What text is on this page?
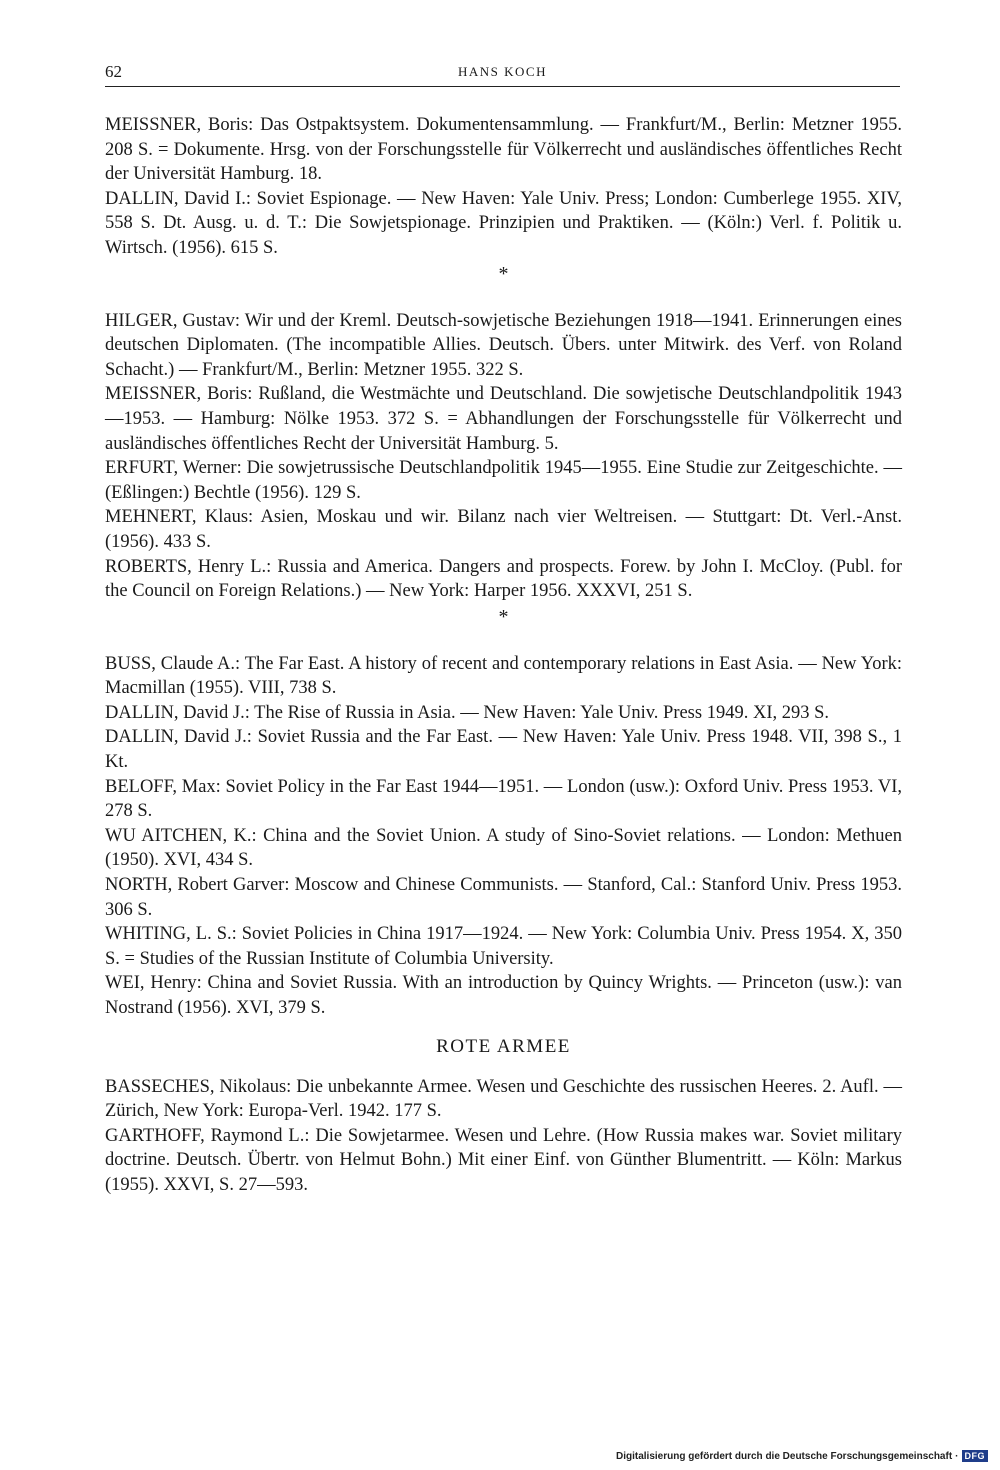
62	HANS KOCH

MEISSNER, Boris: Das Ostpaktsystem. Dokumentensammlung. — Frankfurt/M., Berlin: Metzner 1955. 208 S. = Dokumente. Hrsg. von der Forschungsstelle für Völkerrecht und ausländisches öffentliches Recht der Universität Hamburg. 18.

DALLIN, David I.: Soviet Espionage. — New Haven: Yale Univ. Press; London: Cumberlege 1955. XIV, 558 S. Dt. Ausg. u. d. T.: Die Sowjetspionage. Prinzipien und Praktiken. — (Köln:) Verl. f. Politik u. Wirtsch. (1956). 615 S.

*

HILGER, Gustav: Wir und der Kreml. Deutsch-sowjetische Beziehungen 1918—1941. Erinnerungen eines deutschen Diplomaten. (The incompatible Allies. Deutsch. Übers. unter Mitwirk. des Verf. von Roland Schacht.) — Frankfurt/M., Berlin: Metzner 1955. 322 S.

MEISSNER, Boris: Rußland, die Westmächte und Deutschland. Die sowjetische Deutschlandpolitik 1943—1953. — Hamburg: Nölke 1953. 372 S. = Abhandlungen der Forschungsstelle für Völkerrecht und ausländisches öffentliches Recht der Universität Hamburg. 5.

ERFURT, Werner: Die sowjetrussische Deutschlandpolitik 1945—1955. Eine Studie zur Zeitgeschichte. — (Eßlingen:) Bechtle (1956). 129 S.

MEHNERT, Klaus: Asien, Moskau und wir. Bilanz nach vier Weltreisen. — Stuttgart: Dt. Verl.-Anst. (1956). 433 S.

ROBERTS, Henry L.: Russia and America. Dangers and prospects. Forew. by John I. McCloy. (Publ. for the Council on Foreign Relations.) — New York: Harper 1956. XXXVI, 251 S.

*

BUSS, Claude A.: The Far East. A history of recent and contemporary relations in East Asia. — New York: Macmillan (1955). VIII, 738 S.

DALLIN, David J.: The Rise of Russia in Asia. — New Haven: Yale Univ. Press 1949. XI, 293 S.

DALLIN, David J.: Soviet Russia and the Far East. — New Haven: Yale Univ. Press 1948. VII, 398 S., 1 Kt.

BELOFF, Max: Soviet Policy in the Far East 1944—1951. — London (usw.): Oxford Univ. Press 1953. VI, 278 S.

WU AITCHEN, K.: China and the Soviet Union. A study of Sino-Soviet relations. — London: Methuen (1950). XVI, 434 S.

NORTH, Robert Garver: Moscow and Chinese Communists. — Stanford, Cal.: Stanford Univ. Press 1953. 306 S.

WHITING, L. S.: Soviet Policies in China 1917—1924. — New York: Columbia Univ. Press 1954. X, 350 S. = Studies of the Russian Institute of Columbia University.

WEI, Henry: China and Soviet Russia. With an introduction by Quincy Wrights. — Princeton (usw.): van Nostrand (1956). XVI, 379 S.

ROTE ARMEE

BASSECHES, Nikolaus: Die unbekannte Armee. Wesen und Geschichte des russischen Heeres. 2. Aufl. — Zürich, New York: Europa-Verl. 1942. 177 S.

GARTHOFF, Raymond L.: Die Sowjetarmee. Wesen und Lehre. (How Russia makes war. Soviet military doctrine. Deutsch. Übertr. von Helmut Bohn.) Mit einer Einf. von Günther Blumentritt. — Köln: Markus (1955). XXVI, S. 27—593.

Digitalisierung gefördert durch die Deutsche Forschungsgemeinschaft · DFG
